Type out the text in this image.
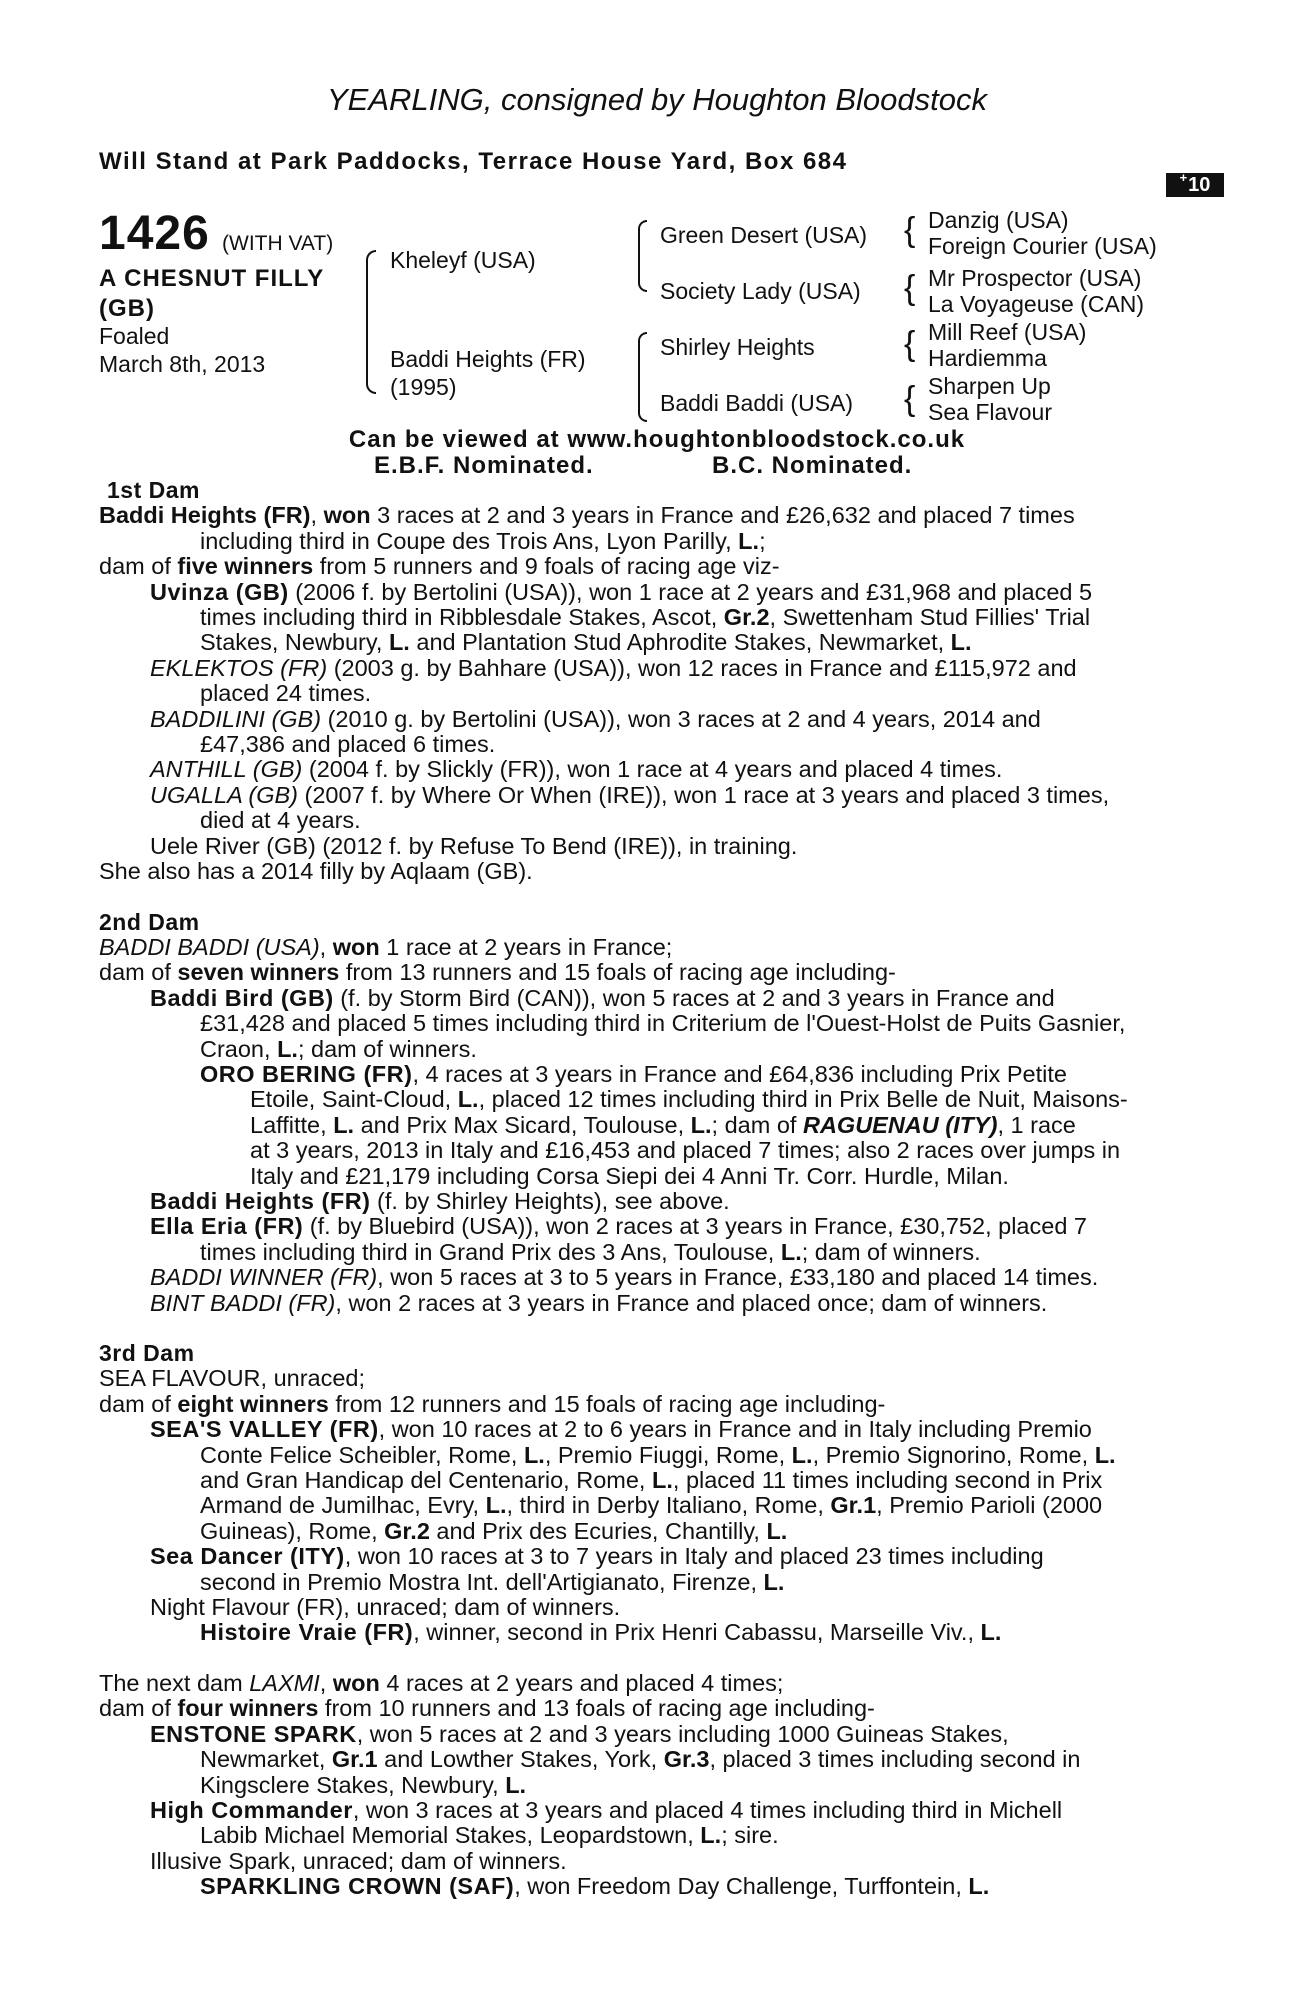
YEARLING, consigned by Houghton Bloodstock
Will Stand at Park Paddocks, Terrace House Yard, Box 684
+ 10
1426 (WITH VAT)
A CHESNUT FILLY
(GB)
Foaled
March 8th, 2013
Kheleyf (USA)
Baddi Heights (FR)
(1995)
Green Desert (USA)
Society Lady (USA)
Shirley Heights
Baddi Baddi (USA)
{ Danzig (USA)
Foreign Courier (USA)
{ Mr Prospector (USA)
La Voyageuse (CAN)
{ Mill Reef (USA)
Hardiemma
{ Sharpen Up
Sea Flavour
Can be viewed at www.houghtonbloodstock.co.uk
E.B.F. Nominated.	B.C. Nominated.
1st Dam
Baddi Heights (FR), won 3 races at 2 and 3 years in France and £26,632 and placed 7 times
including third in Coupe des Trois Ans, Lyon Parilly, L.;
dam of five winners from 5 runners and 9 foals of racing age viz-
Uvinza (GB) (2006 f. by Bertolini (USA)), won 1 race at 2 years and £31,968 and placed 5
times including third in Ribblesdale Stakes, Ascot, Gr.2, Swettenham Stud Fillies' Trial
Stakes, Newbury, L. and Plantation Stud Aphrodite Stakes, Newmarket, L.
EKLEKTOS (FR) (2003 g. by Bahhare (USA)), won 12 races in France and £115,972 and
placed 24 times.
BADDILINI (GB) (2010 g. by Bertolini (USA)), won 3 races at 2 and 4 years, 2014 and
£47,386 and placed 6 times.
ANTHILL (GB) (2004 f. by Slickly (FR)), won 1 race at 4 years and placed 4 times.
UGALLA (GB) (2007 f. by Where Or When (IRE)), won 1 race at 3 years and placed 3 times,
died at 4 years.
Uele River (GB) (2012 f. by Refuse To Bend (IRE)), in training.
She also has a 2014 filly by Aqlaam (GB).
2nd Dam
BADDI BADDI (USA), won 1 race at 2 years in France;
dam of seven winners from 13 runners and 15 foals of racing age including-
Baddi Bird (GB) (f. by Storm Bird (CAN)), won 5 races at 2 and 3 years in France and
£31,428 and placed 5 times including third in Criterium de l'Ouest-Holst de Puits Gasnier,
Craon, L.; dam of winners.
ORO BERING (FR), 4 races at 3 years in France and £64,836 including Prix Petite
Etoile, Saint-Cloud, L., placed 12 times including third in Prix Belle de Nuit, Maisons-
Laffitte, L. and Prix Max Sicard, Toulouse, L.; dam of RAGUENAU (ITY), 1 race
at 3 years, 2013 in Italy and £16,453 and placed 7 times; also 2 races over jumps in
Italy and £21,179 including Corsa Siepi dei 4 Anni Tr. Corr. Hurdle, Milan.
Baddi Heights (FR) (f. by Shirley Heights), see above.
Ella Eria (FR) (f. by Bluebird (USA)), won 2 races at 3 years in France, £30,752, placed 7
times including third in Grand Prix des 3 Ans, Toulouse, L.; dam of winners.
BADDI WINNER (FR), won 5 races at 3 to 5 years in France, £33,180 and placed 14 times.
BINT BADDI (FR), won 2 races at 3 years in France and placed once; dam of winners.
3rd Dam
SEA FLAVOUR, unraced;
dam of eight winners from 12 runners and 15 foals of racing age including-
SEA'S VALLEY (FR), won 10 races at 2 to 6 years in France and in Italy including Premio
Conte Felice Scheibler, Rome, L., Premio Fiuggi, Rome, L., Premio Signorino, Rome, L.
and Gran Handicap del Centenario, Rome, L., placed 11 times including second in Prix
Armand de Jumilhac, Evry, L., third in Derby Italiano, Rome, Gr.1, Premio Parioli (2000
Guineas), Rome, Gr.2 and Prix des Ecuries, Chantilly, L.
Sea Dancer (ITY), won 10 races at 3 to 7 years in Italy and placed 23 times including
second in Premio Mostra Int. dell'Artigianato, Firenze, L.
Night Flavour (FR), unraced; dam of winners.
Histoire Vraie (FR), winner, second in Prix Henri Cabassu, Marseille Viv., L.
The next dam LAXMI, won 4 races at 2 years and placed 4 times;
dam of four winners from 10 runners and 13 foals of racing age including-
ENSTONE SPARK, won 5 races at 2 and 3 years including 1000 Guineas Stakes,
Newmarket, Gr.1 and Lowther Stakes, York, Gr.3, placed 3 times including second in
Kingsclere Stakes, Newbury, L.
High Commander, won 3 races at 3 years and placed 4 times including third in Michell
Labib Michael Memorial Stakes, Leopardstown, L.; sire.
Illusive Spark, unraced; dam of winners.
SPARKLING CROWN (SAF), won Freedom Day Challenge, Turffontein, L.
